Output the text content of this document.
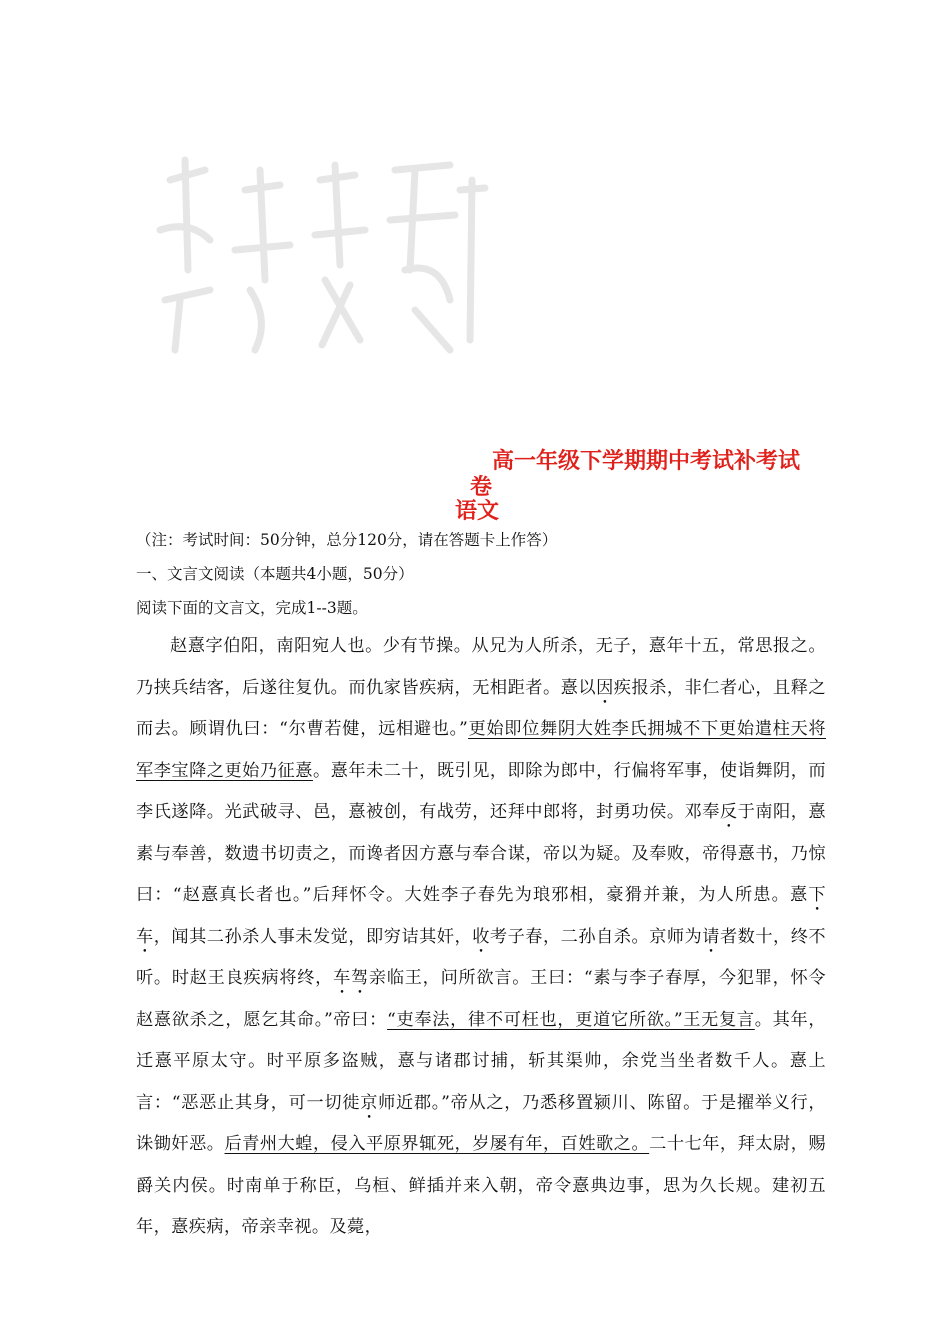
高一年级下学期期中考试补考试
卷
语文
（注：考试时间：50分钟，总分120分，请在答题卡上作答）
一、文言文阅读（本题共4小题，50分）
阅读下面的文言文，完成1--3题。

赵憙字伯阳，南阳宛人也。少有节操。从兄为人所杀，无子，憙年十五，常思报之。乃挟兵结客，后遂往复仇。而仇家皆疾病，无相距者。憙以因疾报杀，非仁者心，且释之而去。顾谓仇曰：“尔曹若健，远相避也。”更始即位舞阴大姓李氏拥城不下更始遣柱天将军李宝降之更始乃征憙。憙年未二十，既引见，即除为郎中，行偏将军事，使诣舞阴，而李氏遂降。光武破寻、邑，憙被创，有战劳，还拜中郎将，封勇功侯。邓奉反于南阳，憙素与奉善，数遗书切责之，而谗者因方憙与奉合谋，帝以为疑。及奉败，帝得憙书，乃惊曰：“赵憙真长者也。”后拜怀令。大姓李子春先为琅邪相，豪猾并兼，为人所患。憙下车，闻其二孙杀人事未发觉，即穷诘其奸，收考子春，二孙自杀。京师为请者数十，终不听。时赵王良疾病将终，车驾亲临王，问所欲言。王曰：“素与李子春厚，今犯罪，怀令赵憙欲杀之，愿乞其命。”帝曰：“吏奉法，律不可枉也，更道它所欲。”王无复言。其年，迁憙平原太守。时平原多盗贼，憙与诸郡讨捕，斩其渠帅，余党当坐者数千人。憙上言：“恶恶止其身，可一切徙京师近郡。”帝从之，乃悉移置颍川、陈留。于是擢举义行，诛锄奸恶。后青州大蝗，侵入平原界辄死，岁屡有年，百姓歌之。二十七年，拜太尉，赐爵关内侯。时南单于称臣，乌桓、鲜插并来入朝，帝令憙典边事，思为久长规。建初五年，憙疾病，帝亲幸视。及薨，
